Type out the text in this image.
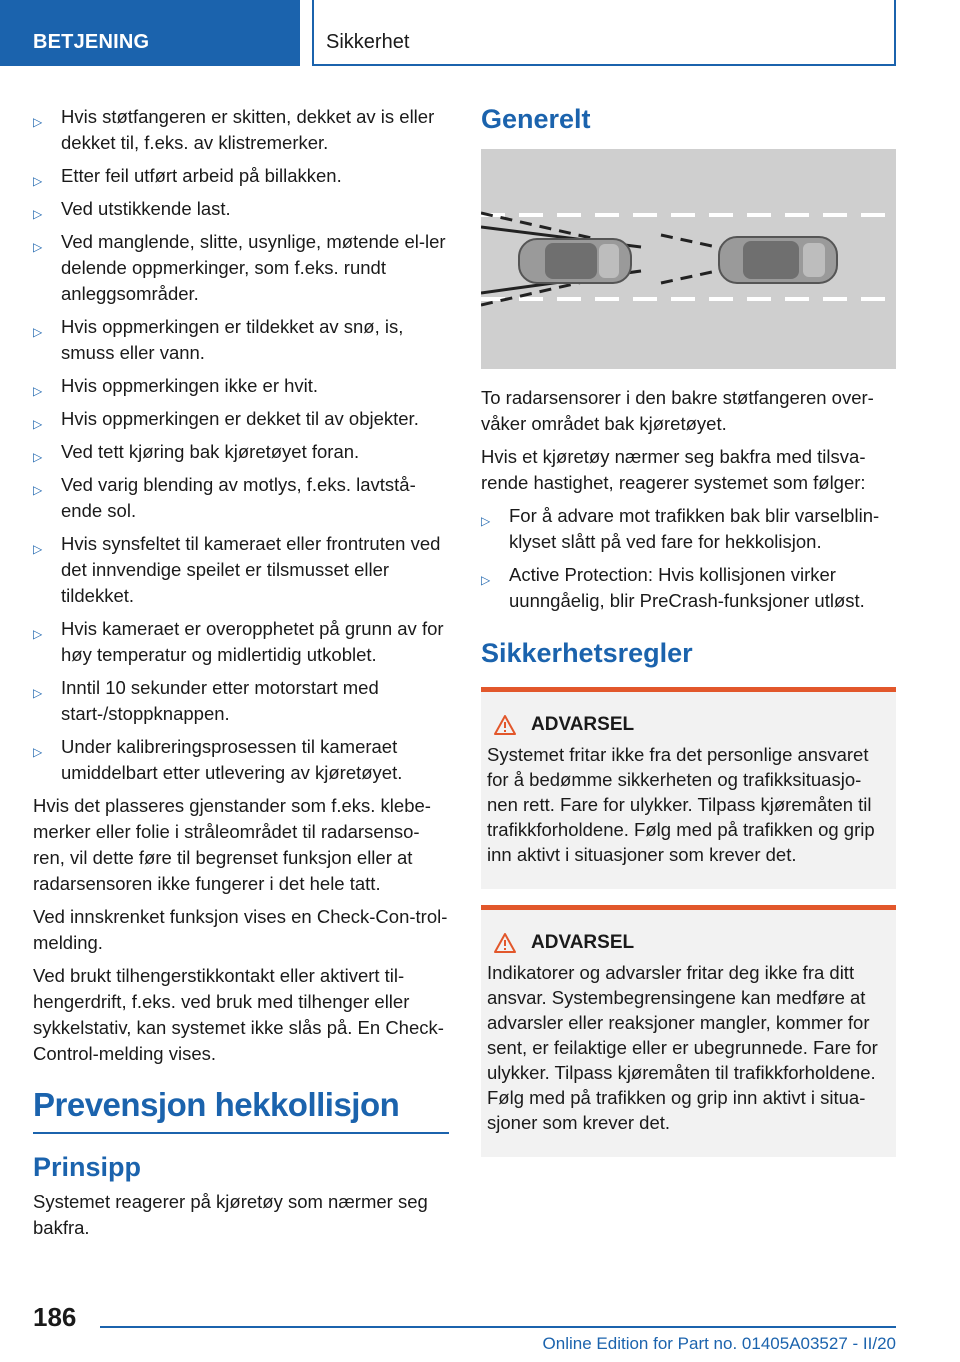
BETJENING	Sikkerhet
▷ Hvis støtfangeren er skitten, dekket av is eller dekket til, f.eks. av klistremerker.
▷ Etter feil utført arbeid på billakken.
▷ Ved utstikkende last.
▷ Ved manglende, slitte, usynlige, møtende el-ler delende oppmerkinger, som f.eks. rundt anleggsområder.
▷ Hvis oppmerkingen er tildekket av snø, is, smuss eller vann.
▷ Hvis oppmerkingen ikke er hvit.
▷ Hvis oppmerkingen er dekket til av objekter.
▷ Ved tett kjøring bak kjøretøyet foran.
▷ Ved varig blending av motlys, f.eks. lavtstå-ende sol.
▷ Hvis synsfeltet til kameraet eller frontruten ved det innvendige speilet er tilsmusset eller tildekket.
▷ Hvis kameraet er overopphetet på grunn av for høy temperatur og midlertidig utkoblet.
▷ Inntil 10 sekunder etter motorstart med start-/stoppknappen.
▷ Under kalibreringsprosessen til kameraet umiddelbart etter utlevering av kjøretøyet.

Hvis det plasseres gjenstander som f.eks. klebe-merker eller folie i stråleområdet til radarsenso-ren, vil dette føre til begrenset funksjon eller at radarsensoren ikke fungerer i det hele tatt.

Ved innskrenket funksjon vises en Check-Con-trol-melding.

Ved brukt tilhengerstikkontakt eller aktivert til-hengerdrift, f.eks. ved bruk med tilhenger eller sykkelstativ, kan systemet ikke slås på. En Check-Control-melding vises.

Prevensjon hekkollisjon
Prinsipp

Systemet reagerer på kjøretøy som nærmer seg bakfra.

Generelt

To radarsensorer i den bakre støtfangeren over-våker området bak kjøretøyet.

Hvis et kjøretøy nærmer seg bakfra med tilsva-rende hastighet, reagerer systemet som følger:

▷ For å advare mot trafikken bak blir varselblin-klyset slått på ved fare for hekkolisjon.
▷ Active Protection: Hvis kollisjonen virker uunngåelig, blir PreCrash-funksjoner utløst.
Sikkerhetsregler
ADVARSEL

Systemet fritar ikke fra det personlige ansvaret for å bedømme sikkerheten og trafikksituasjo-nen rett. Fare for ulykker. Tilpass kjøremåten til trafikkforholdene. Følg med på trafikken og grip inn aktivt i situasjoner som krever det.

ADVARSEL

Indikatorer og advarsler fritar deg ikke fra ditt ansvar. Systembegrensingene kan medføre at advarsler eller reaksjoner mangler, kommer for sent, er feilaktige eller er ubegrunnede. Fare for ulykker. Tilpass kjøremåten til trafikkforholdene. Følg med på trafikken og grip inn aktivt i situa-sjoner som krever det.

186
Online Edition for Part no. 01405A03527 - II/20
